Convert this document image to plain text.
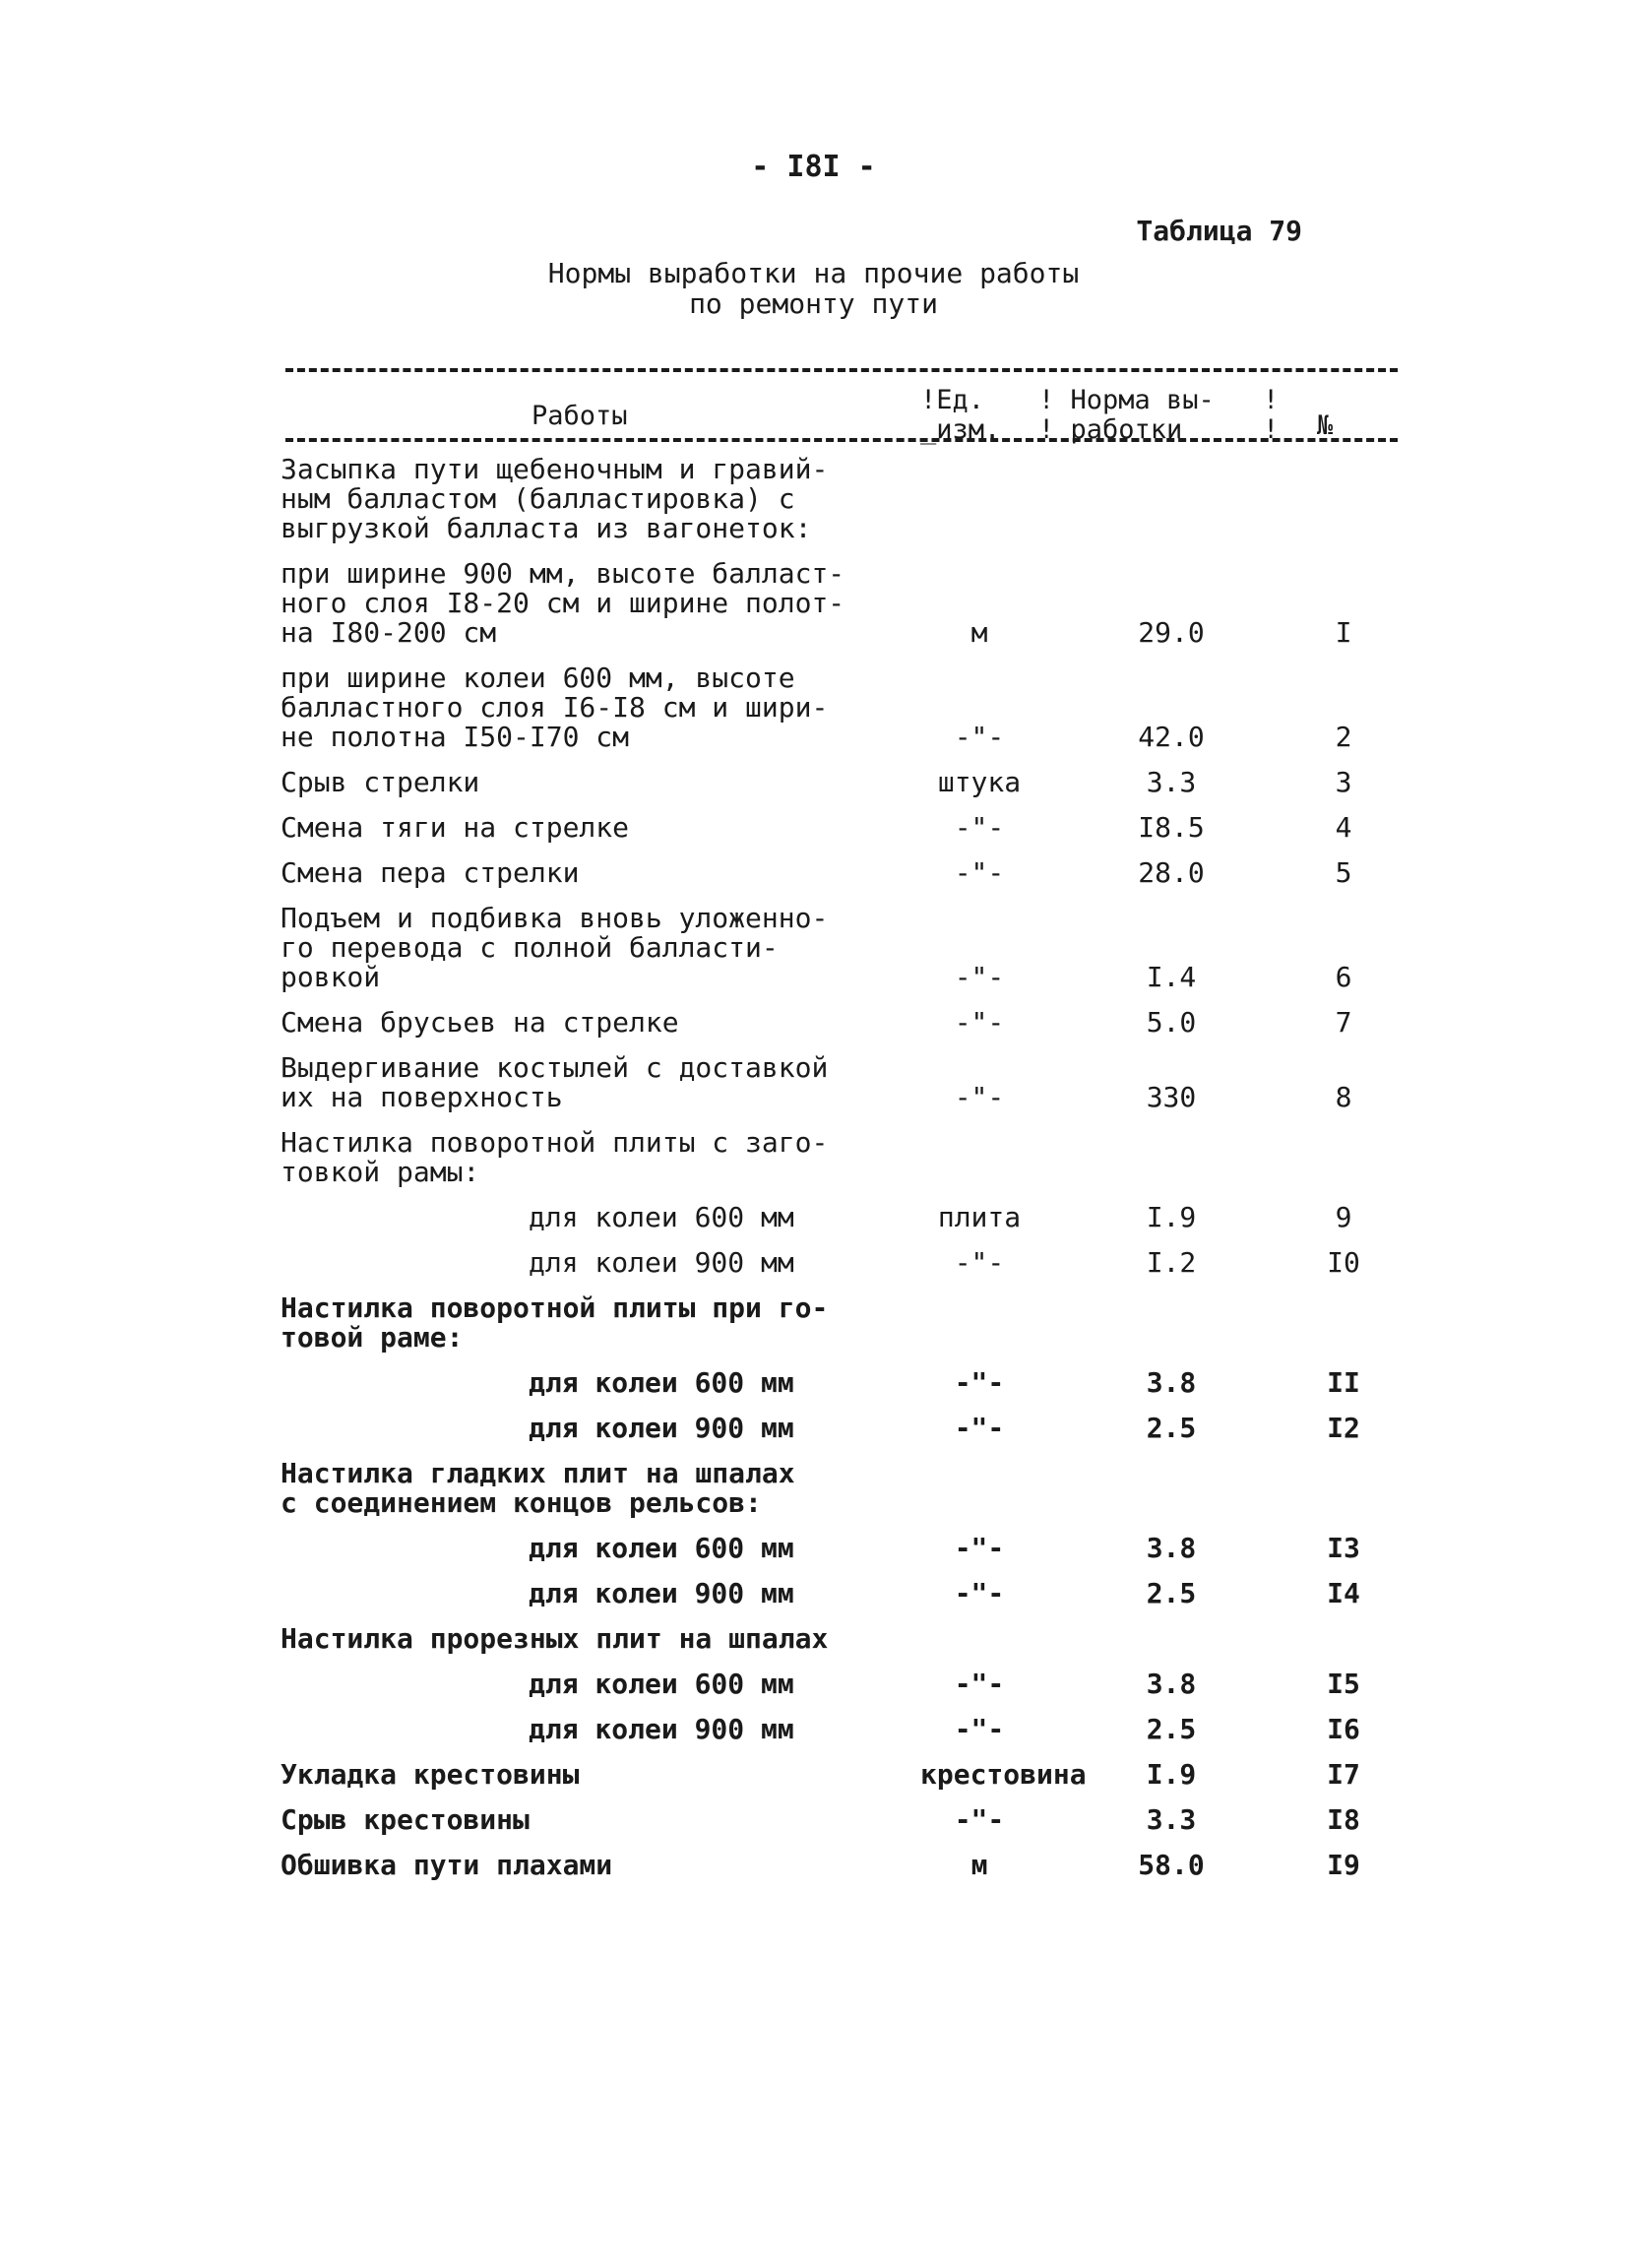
- I8I -
Таблица 79
Нормы выработки на прочие работы
по ремонту пути
Работы
!Ед.
_изм.
! Норма вы-
! работки
!
! №
Засыпка пути щебеночным и гравий-
ным балластом (балластировка) с
выгрузкой балласта из вагонеток:
при ширине 900 мм, высоте балласт-
ного слоя I8-20 см и ширине полот-
на I80-200 см	м	29.0	I
при ширине колеи 600 мм, высоте
балластного слоя I6-I8 см и шири-
не полотна I50-I70 см	-"-	42.0	2
Срыв стрелки	штука	3.3	3
Смена тяги на стрелке	-"-	I8.5	4
Смена пера стрелки	-"-	28.0	5
Подъем и подбивка вновь уложенно-
го перевода с полной балласти-
ровкой	-"-	I.4	6
Смена брусьев на стрелке	-"-	5.0	7
Выдергивание костылей с доставкой
их на поверхность	-"-	330	8
Настилка поворотной плиты с заго-
товкой рамы:
для колеи 600 мм	плита	I.9	9
для колеи 900 мм	-"-	I.2	I0
Настилка поворотной плиты при го-
товой раме:
для колеи 600 мм	-"-	3.8	II
для колеи 900 мм	-"-	2.5	I2
Настилка гладких плит на шпалах
с соединением концов рельсов:
для колеи 600 мм	-"-	3.8	I3
для колеи 900 мм	-"-	2.5	I4
Настилка прорезных плит на шпалах
для колеи 600 мм	-"-	3.8	I5
для колеи 900 мм	-"-	2.5	I6
Укладка крестовины	крестовина	I.9	I7
Срыв крестовины	-"-	3.3	I8
Обшивка пути плахами	м	58.0	I9
